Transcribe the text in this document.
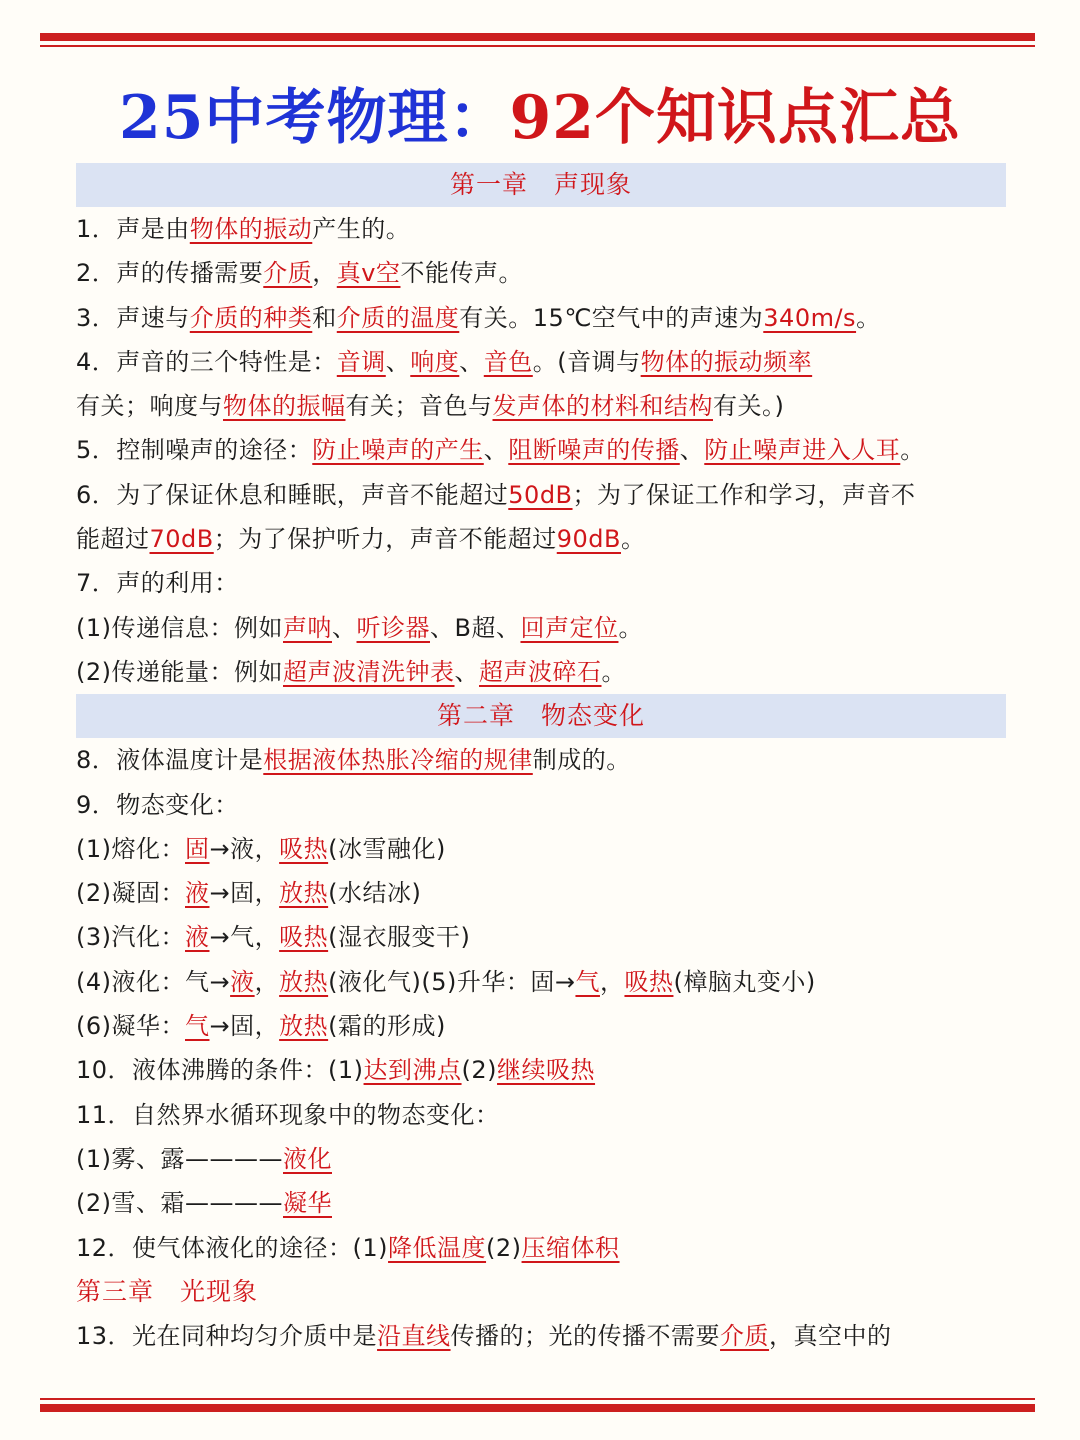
25中考物理：92个知识点汇总
第一章　声现象
1．声是由物体的振动产生的。
2．声的传播需要介质，真v空不能传声。
3．声速与介质的种类和介质的温度有关。15℃空气中的声速为340m/s。
4．声音的三个特性是：音调、响度、音色。(音调与物体的振动频率
有关；响度与物体的振幅有关；音色与发声体的材料和结构有关。)
5．控制噪声的途径：防止噪声的产生、阻断噪声的传播、防止噪声进入人耳。
6．为了保证休息和睡眠，声音不能超过50dB；为了保证工作和学习，声音不
能超过70dB；为了保护听力，声音不能超过90dB。
7．声的利用：
(1)传递信息：例如声呐、听诊器、B超、回声定位。
(2)传递能量：例如超声波清洗钟表、超声波碎石。
第二章　物态变化
8．液体温度计是根据液体热胀冷缩的规律制成的。
9．物态变化：
(1)熔化：固→液，吸热(冰雪融化)
(2)凝固：液→固，放热(水结冰)
(3)汽化：液→气，吸热(湿衣服变干)
(4)液化：气→液，放热(液化气)(5)升华：固→气，吸热(樟脑丸变小)
(6)凝华：气→固，放热(霜的形成)
10．液体沸腾的条件：(1)达到沸点(2)继续吸热
11．自然界水循环现象中的物态变化：
(1)雾、露————液化
(2)雪、霜————凝华
12．使气体液化的途径：(1)降低温度(2)压缩体积
第三章　光现象
13．光在同种均匀介质中是沿直线传播的；光的传播不需要介质，真空中的
